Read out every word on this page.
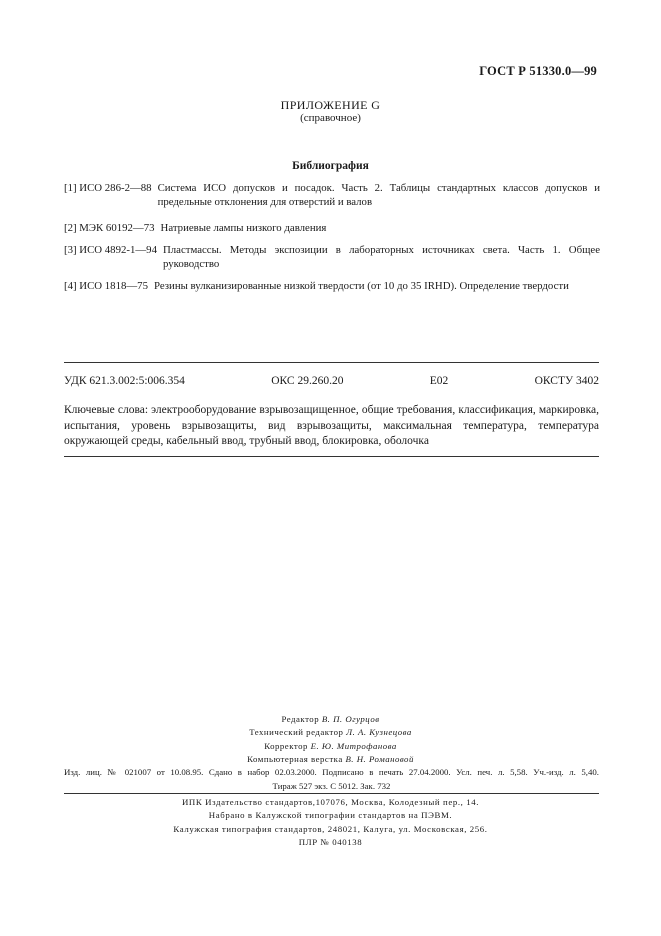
ГОСТ Р 51330.0—99
ПРИЛОЖЕНИЕ G
(справочное)
Библиография
[1] ИСО 286-2—88 Система ИСО допусков и посадок. Часть 2. Таблицы стандартных классов допусков и предельные отклонения для отверстий и валов
[2] МЭК 60192—73 Натриевые лампы низкого давления
[3] ИСО 4892-1—94 Пластмассы. Методы экспозиции в лабораторных источниках света. Часть 1. Общее руководство
[4] ИСО 1818—75 Резины вулканизированные низкой твердости (от 10 до 35 IRHD). Определение твердости
УДК 621.3.002:5:006.354	ОКС 29.260.20	Е02	ОКСТУ 3402
Ключевые слова: электрооборудование взрывозащищенное, общие требования, классификация, маркировка, испытания, уровень взрывозащиты, вид взрывозащиты, максимальная температура, температура окружающей среды, кабельный ввод, трубный ввод, блокировка, оболочка
Редактор В. П. Огурцов
Технический редактор Л. А. Кузнецова
Корректор Е. Ю. Митрофанова
Компьютерная верстка В. Н. Романовой
Изд. лиц. № 021007 от 10.08.95. Сдано в набор 02.03.2000. Подписано в печать 27.04.2000. Усл. печ. л. 5,58. Уч.-изд. л. 5,40.
Тираж 527 экз. С 5012. Зак. 732
ИПК Издательство стандартов,107076, Москва, Колодезный пер., 14.
Набрано в Калужской типографии стандартов на ПЭВМ.
Калужская типография стандартов, 248021, Калуга, ул. Московская, 256.
ПЛР № 040138
